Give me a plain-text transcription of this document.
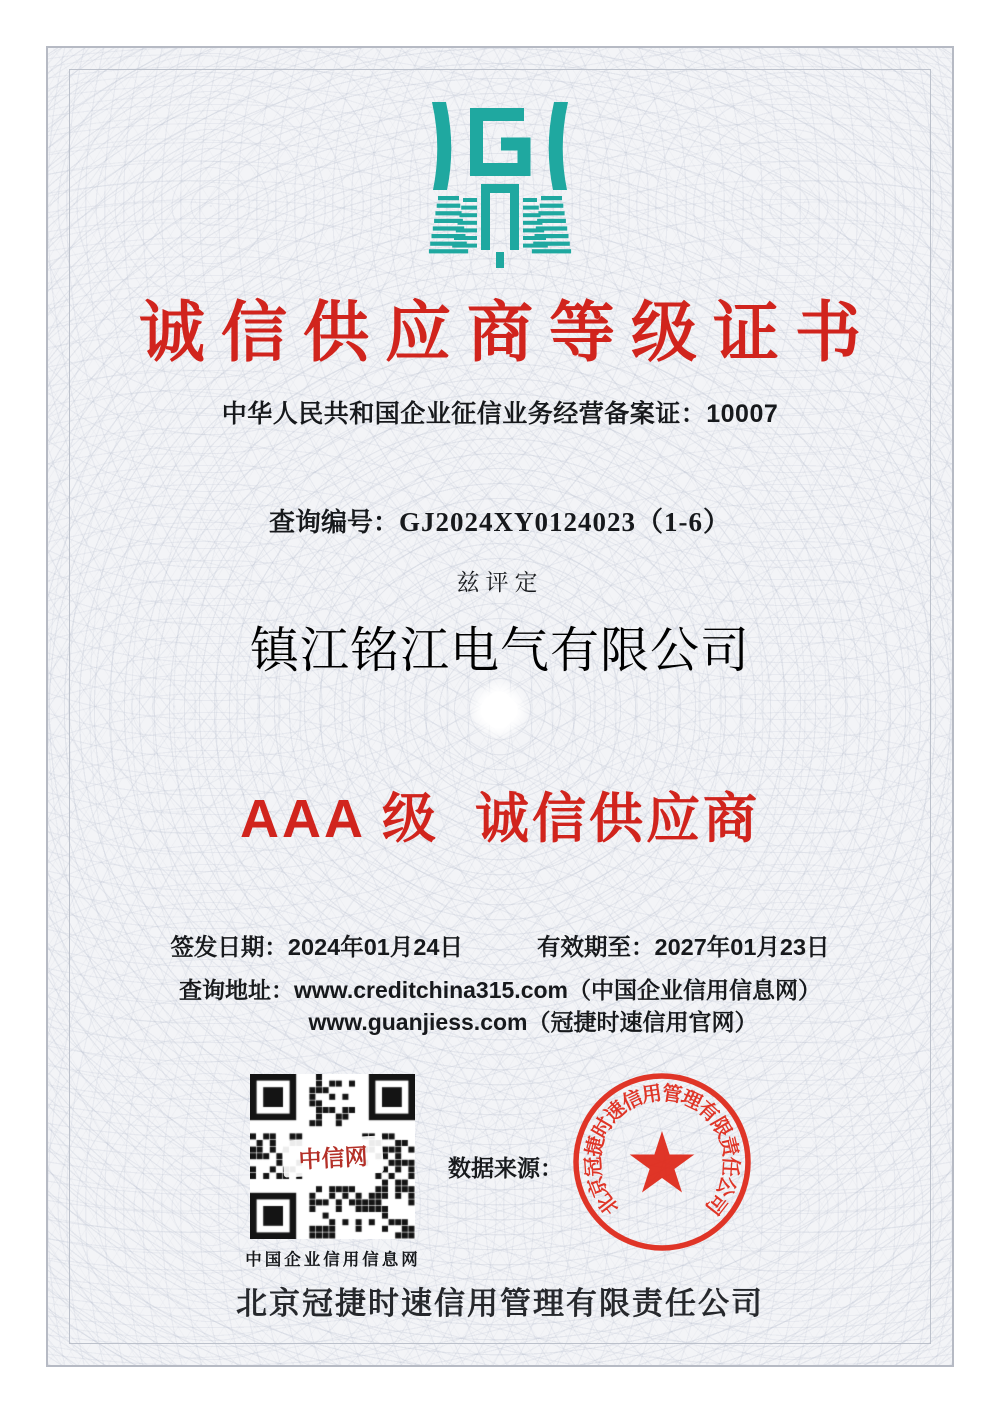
诚信供应商等级证书
中华人民共和国企业征信业务经营备案证：10007
查询编号：GJ2024XY0124023（1-6）
兹评定
镇江铭江电气有限公司
AAA 级  诚信供应商
签发日期：2024年01月24日	有效期至：2027年01月23日
查询地址：www.creditchina315.com（中国企业信用信息网）
www.guanjiess.com（冠捷时速信用官网）
中信网
中国企业信用信息网
数据来源：
北
京
冠
捷
时
速
信
用
管
理
有
限
责
任
公
司
北京冠捷时速信用管理有限责任公司
